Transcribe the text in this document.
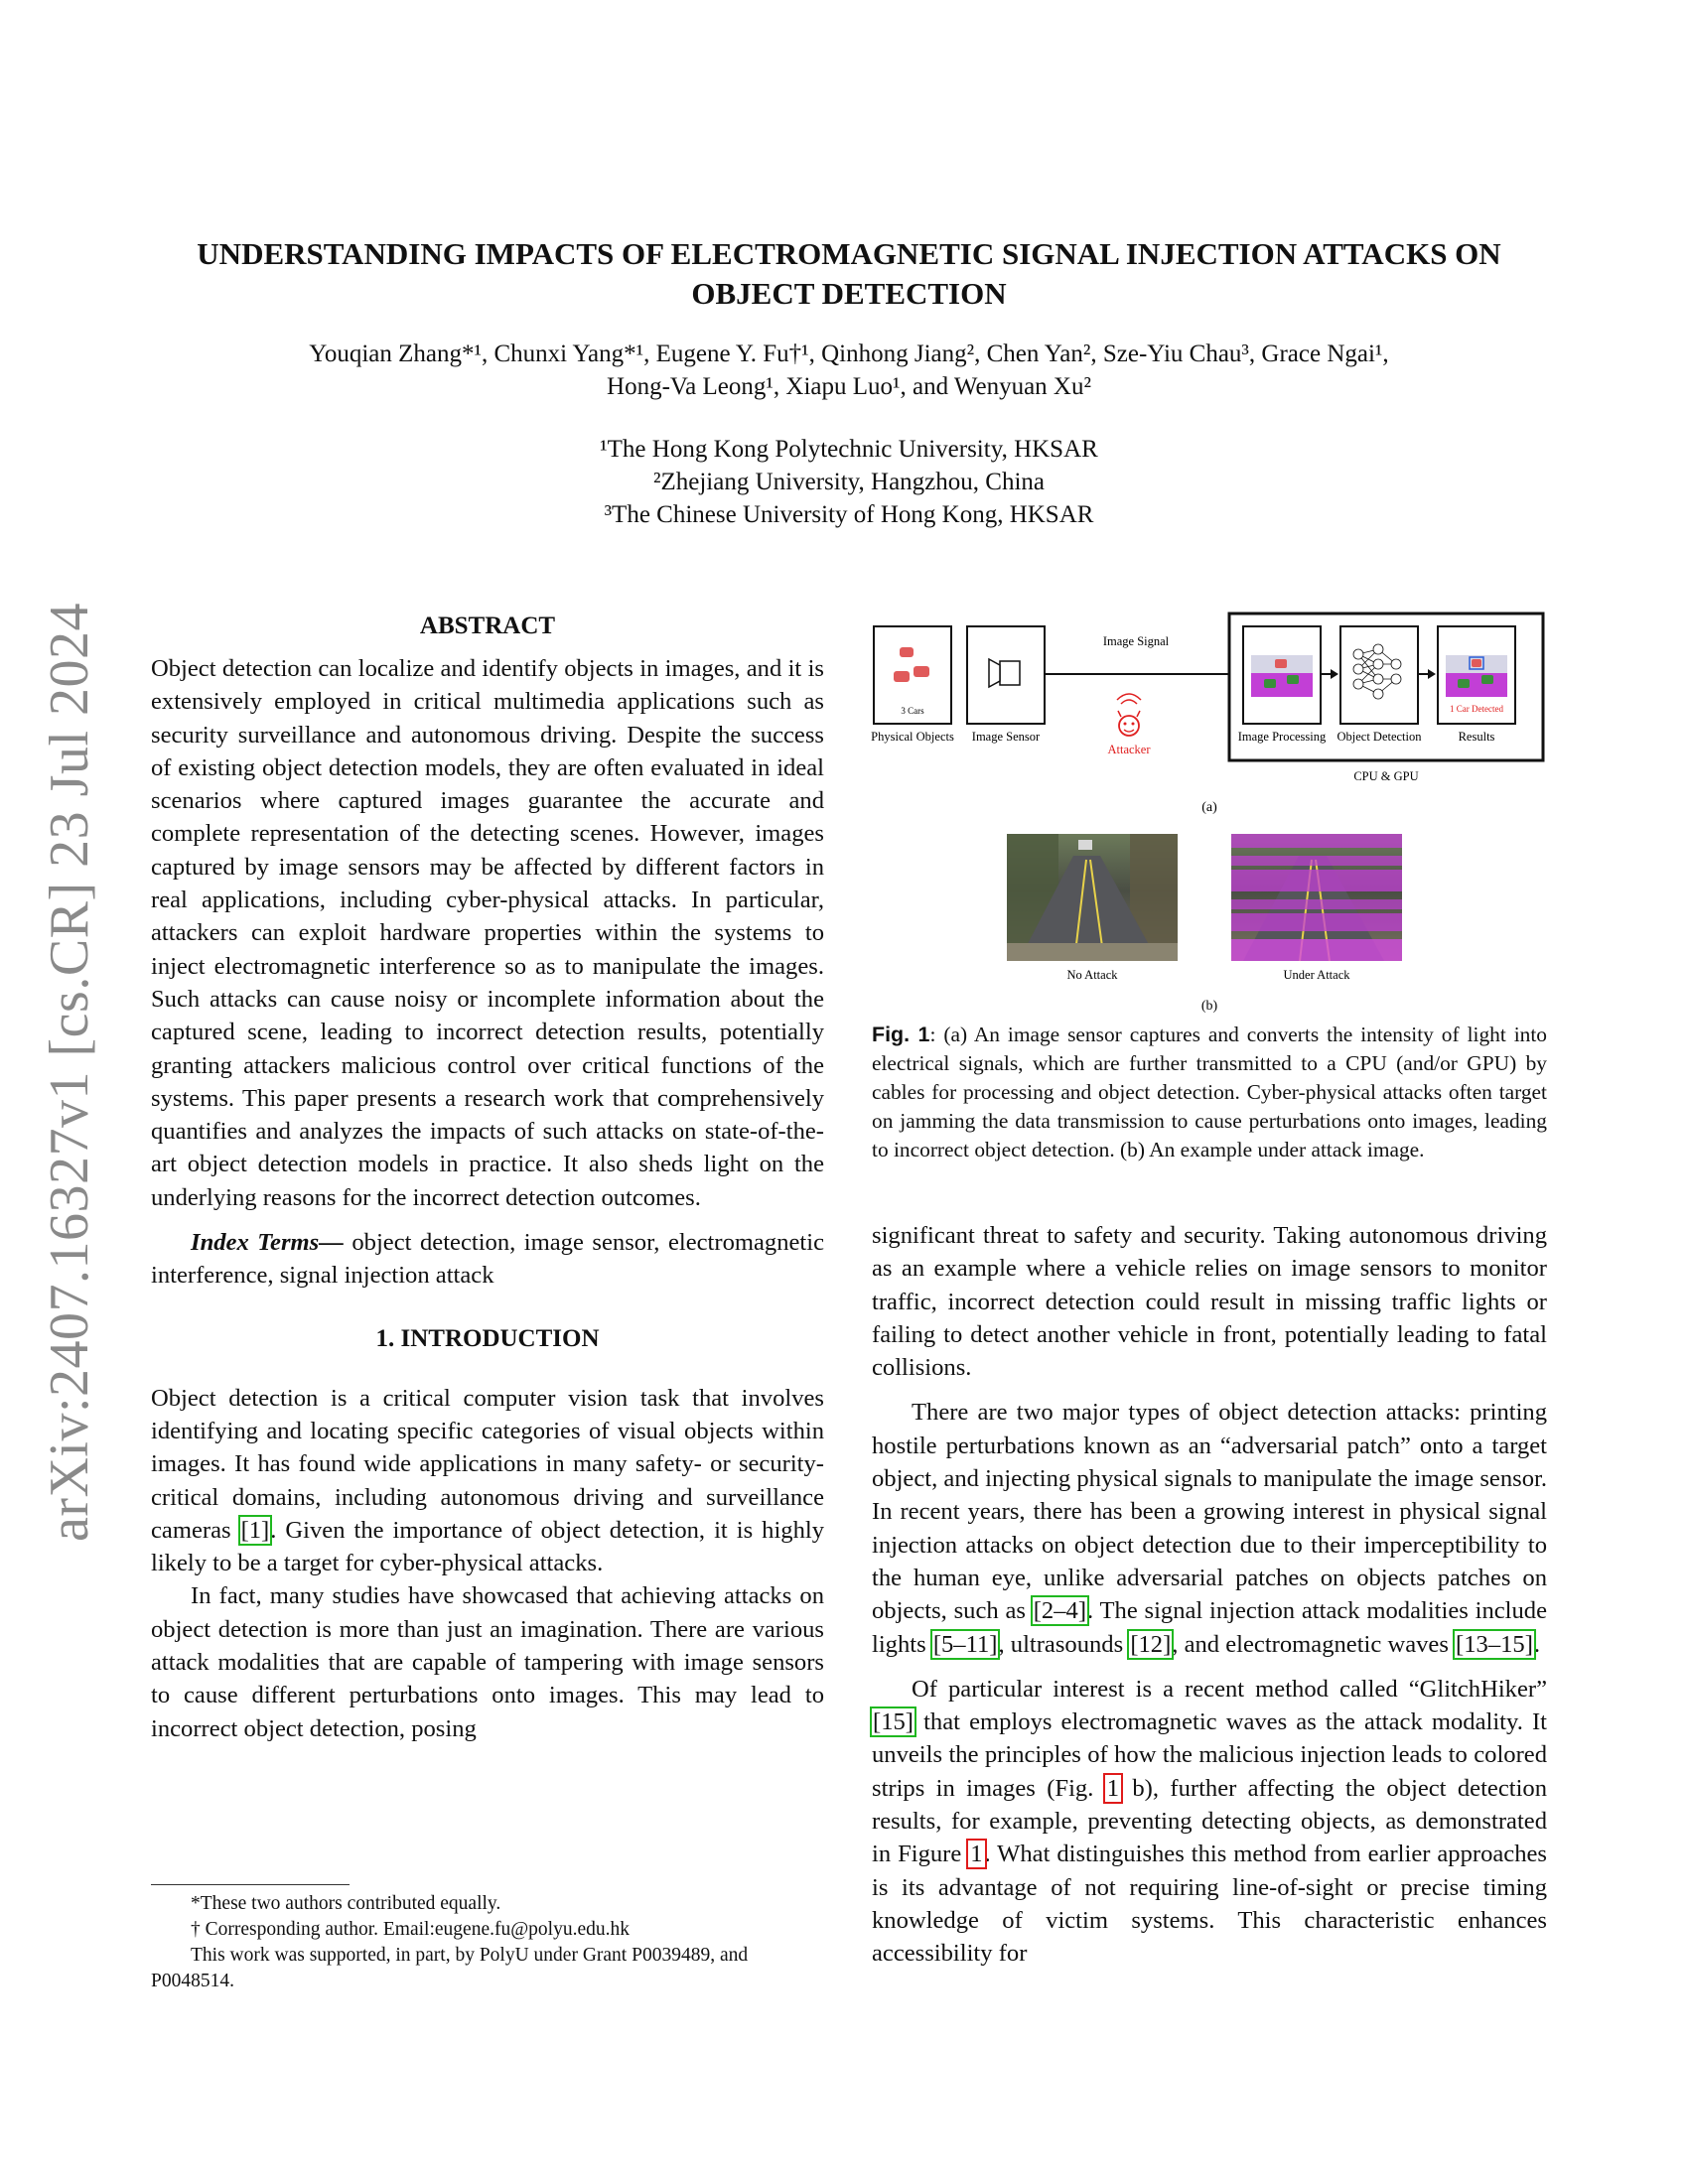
arXiv:2407.16327v1 [cs.CR] 23 Jul 2024
UNDERSTANDING IMPACTS OF ELECTROMAGNETIC SIGNAL INJECTION ATTACKS ON OBJECT DETECTION
Youqian Zhang*¹, Chunxi Yang*¹, Eugene Y. Fu†¹, Qinhong Jiang², Chen Yan², Sze-Yiu Chau³, Grace Ngai¹,
Hong-Va Leong¹, Xiapu Luo¹, and Wenyuan Xu²
¹The Hong Kong Polytechnic University, HKSAR
²Zhejiang University, Hangzhou, China
³The Chinese University of Hong Kong, HKSAR
ABSTRACT

Object detection can localize and identify objects in images, and it is extensively employed in critical multimedia applications such as security surveillance and autonomous driving. Despite the success of existing object detection models, they are often evaluated in ideal scenarios where captured images guarantee the accurate and complete representation of the detecting scenes. However, images captured by image sensors may be affected by different factors in real applications, including cyber-physical attacks. In particular, attackers can exploit hardware properties within the systems to inject electromagnetic interference so as to manipulate the images. Such attacks can cause noisy or incomplete information about the captured scene, leading to incorrect detection results, potentially granting attackers malicious control over critical functions of the systems. This paper presents a research work that comprehensively quantifies and analyzes the impacts of such attacks on state-of-the-art object detection models in practice. It also sheds light on the underlying reasons for the incorrect detection outcomes.

Index Terms— object detection, image sensor, electromagnetic interference, signal injection attack

1. INTRODUCTION

Object detection is a critical computer vision task that involves identifying and locating specific categories of visual objects within images. It has found wide applications in many safety- or security-critical domains, including autonomous driving and surveillance cameras [1]. Given the importance of object detection, it is highly likely to be a target for cyber-physical attacks.

In fact, many studies have showcased that achieving attacks on object detection is more than just an imagination. There are various attack modalities that are capable of tampering with image sensors to cause different perturbations onto images. This may lead to incorrect object detection, posing

*These two authors contributed equally.
† Corresponding author. Email:eugene.fu@polyu.edu.hk
This work was supported, in part, by PolyU under Grant P0039489, and P0048514.
3 Cars
Physical Objects Image Sensor
Image Signal
Attacker
CPU & GPU
Image Processing Object Detection
1 Car Detected
Results
(a)
No Attack	Under Attack
(b)
Fig. 1: (a) An image sensor captures and converts the intensity of light into electrical signals, which are further transmitted to a CPU (and/or GPU) by cables for processing and object detection. Cyber-physical attacks often target on jamming the data transmission to cause perturbations onto images, leading to incorrect object detection. (b) An example under attack image.

significant threat to safety and security. Taking autonomous driving as an example where a vehicle relies on image sensors to monitor traffic, incorrect detection could result in missing traffic lights or failing to detect another vehicle in front, potentially leading to fatal collisions.

There are two major types of object detection attacks: printing hostile perturbations known as an “adversarial patch” onto a target object, and injecting physical signals to manipulate the image sensor. In recent years, there has been a growing interest in physical signal injection attacks on object detection due to their imperceptibility to the human eye, unlike adversarial patches on objects patches on objects, such as [2–4]. The signal injection attack modalities include lights [5–11], ultrasounds [12], and electromagnetic waves [13–15].

Of particular interest is a recent method called “GlitchHiker” [15] that employs electromagnetic waves as the attack modality. It unveils the principles of how the malicious injection leads to colored strips in images (Fig. 1 b), further affecting the object detection results, for example, preventing detecting objects, as demonstrated in Figure 1. What distinguishes this method from earlier approaches is its advantage of not requiring line-of-sight or precise timing knowledge of victim systems. This characteristic enhances accessibility for
